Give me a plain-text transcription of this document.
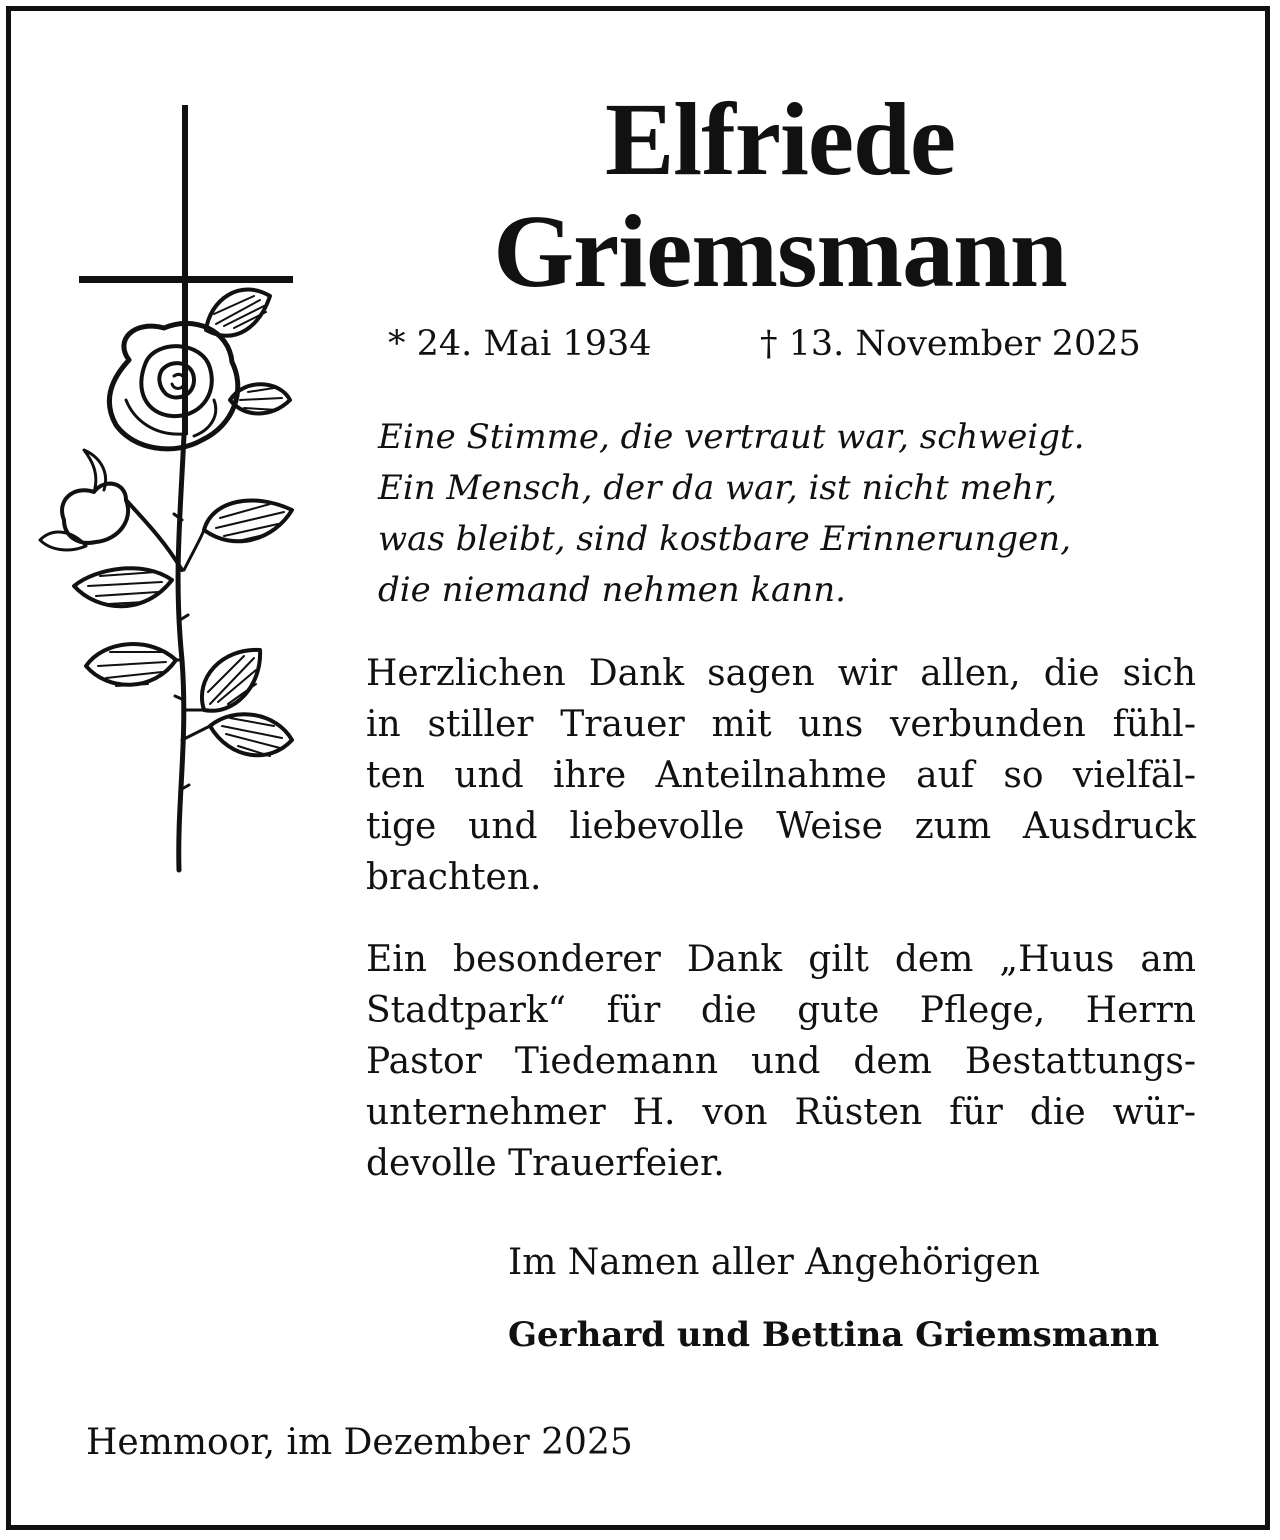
Elfriede
Griemsmann
* 24. Mai 1934	† 13. November 2025
Eine Stimme, die vertraut war, schweigt.
Ein Mensch, der da war, ist nicht mehr,
was bleibt, sind kostbare Erinnerungen,
die niemand nehmen kann.
Herzlichen Dank sagen wir allen, die sich
in stiller Trauer mit uns verbunden fühl-
ten und ihre Anteilnahme auf so vielfäl-
tige und liebevolle Weise zum Ausdruck
brachten.
Ein besonderer Dank gilt dem „Huus am
Stadtpark“ für die gute Pflege, Herrn
Pastor Tiedemann und dem Bestattungs-
unternehmer H. von Rüsten für die wür-
devolle Trauerfeier.
Im Namen aller Angehörigen
Gerhard und Bettina Griemsmann
Hemmoor, im Dezember 2025
